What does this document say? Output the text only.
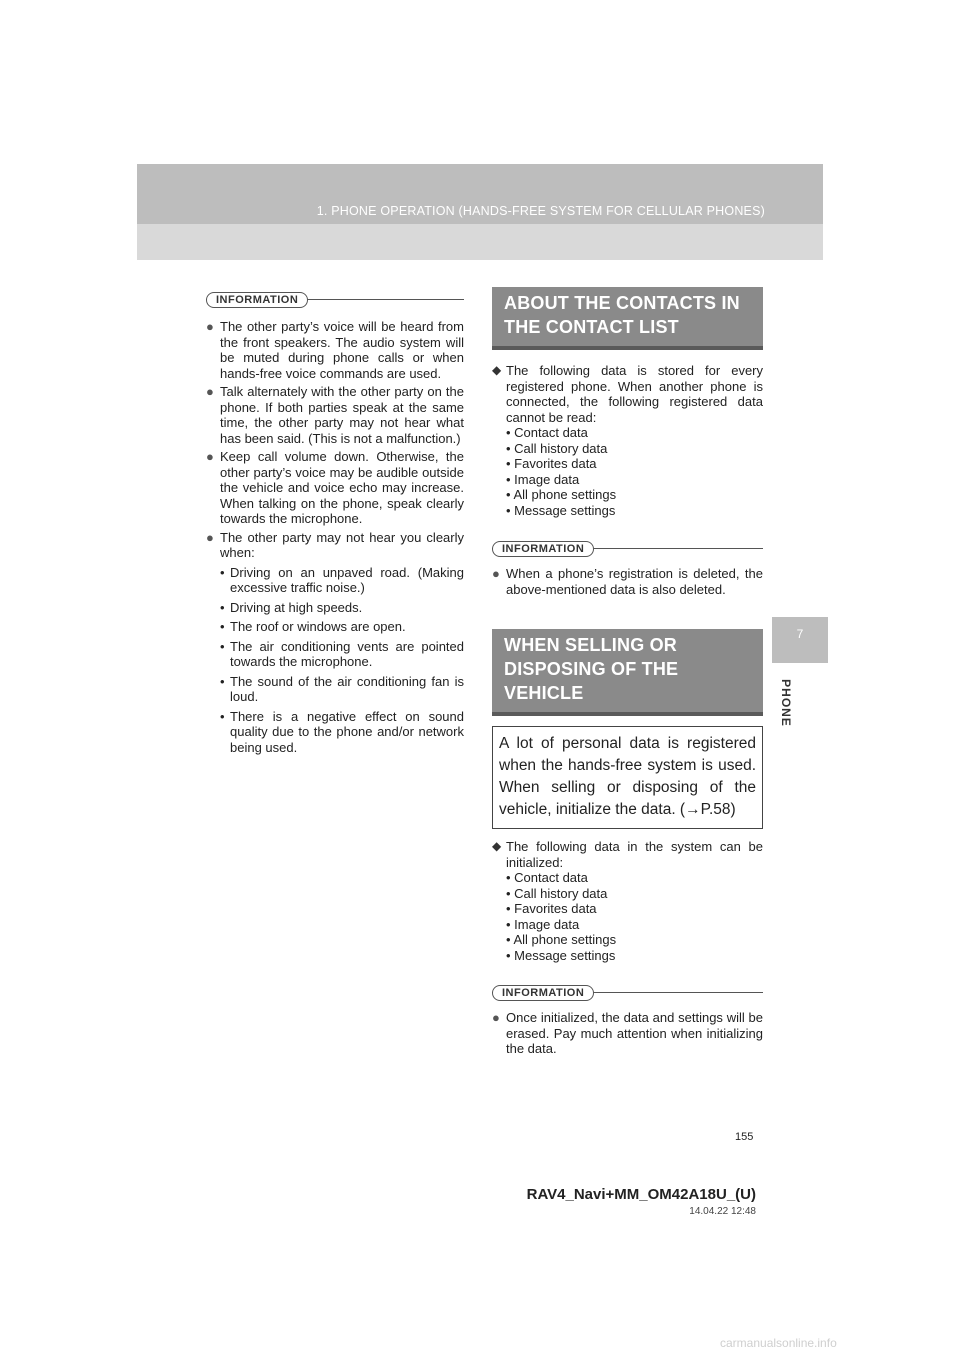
1. PHONE OPERATION (HANDS-FREE SYSTEM FOR CELLULAR PHONES)
7
PHONE
INFORMATION
● The other party’s voice will be heard from the front speakers. The audio system will be muted during phone calls or when hands-free voice commands are used.
● Talk alternately with the other party on the phone. If both parties speak at the same time, the other party may not hear what has been said. (This is not a malfunction.)
● Keep call volume down. Otherwise, the other party’s voice may be audible outside the vehicle and voice echo may increase. When talking on the phone, speak clearly towards the microphone.
● The other party may not hear you clearly when:
• Driving on an unpaved road. (Making excessive traffic noise.)
• Driving at high speeds.
• The roof or windows are open.
• The air conditioning vents are pointed towards the microphone.
• The sound of the air conditioning fan is loud.
• There is a negative effect on sound quality due to the phone and/or network being used.
ABOUT THE CONTACTS IN
THE CONTACT LIST
◆ The following data is stored for every registered phone. When another phone is connected, the following registered data cannot be read:
• Contact data
• Call history data
• Favorites data
• Image data
• All phone settings
• Message settings
INFORMATION
● When a phone’s registration is deleted, the above-mentioned data is also deleted.
WHEN SELLING OR
DISPOSING OF THE VEHICLE
A lot of personal data is registered when the hands-free system is used. When selling or disposing of the vehicle, initialize the data. (→P.58)
◆ The following data in the system can be initialized:
• Contact data
• Call history data
• Favorites data
• Image data
• All phone settings
• Message settings
INFORMATION
● Once initialized, the data and settings will be erased. Pay much attention when initializing the data.
155
RAV4_Navi+MM_OM42A18U_(U)
14.04.22 12:48
carmanualsonline.info
